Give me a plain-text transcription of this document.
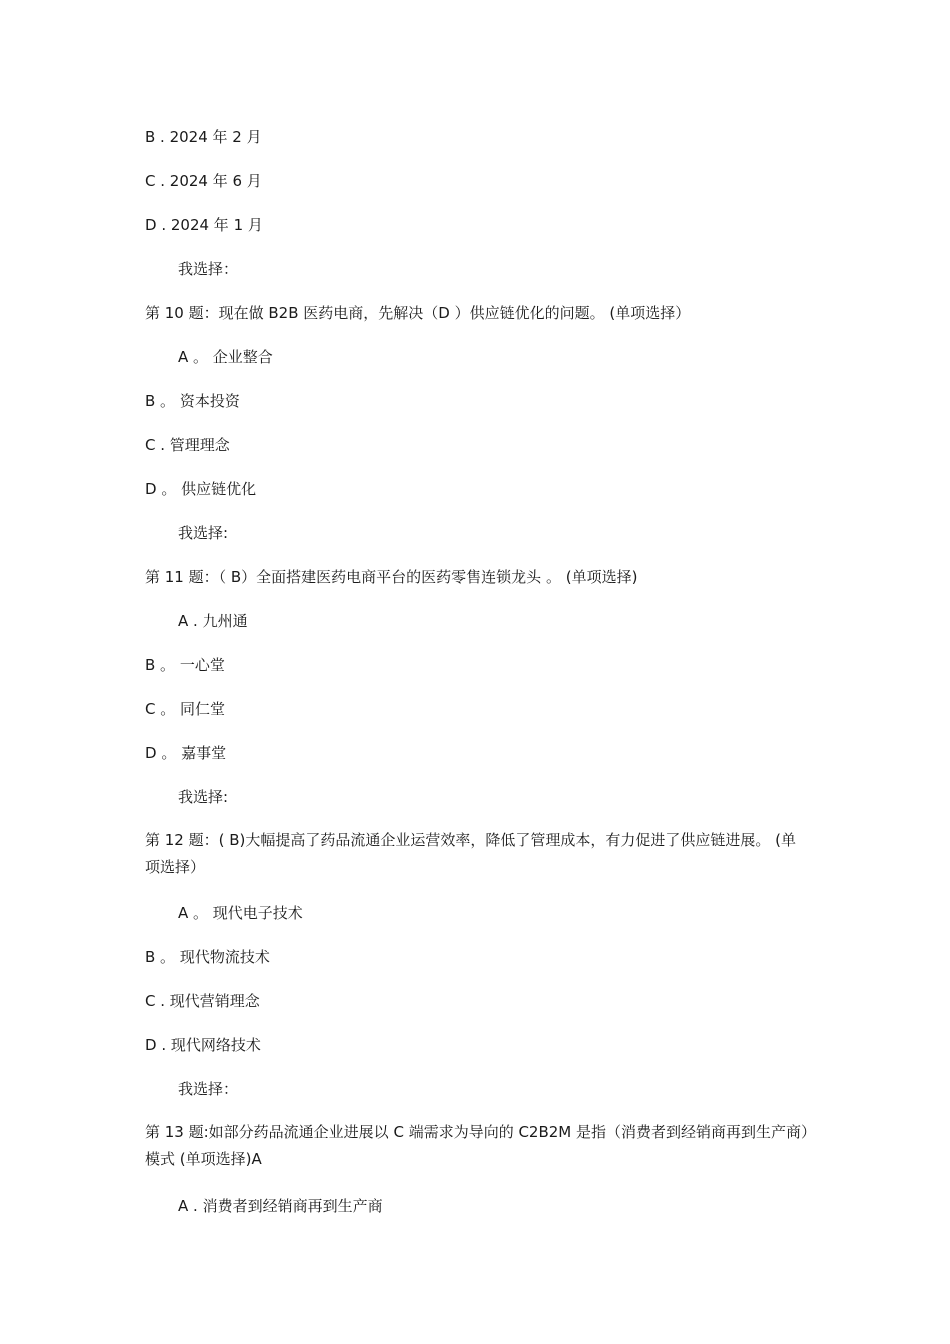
B . 2024 年 2 月
C . 2024 年 6 月
D . 2024 年 1 月
我选择：
第 10 题：现在做 B2B 医药电商，先解决（D ）供应链优化的问题。 (单项选择）
A 。 企业整合
B 。 资本投资
C . 管理理念
D 。 供应链优化
我选择:
第 11 题：（ B）全面搭建医药电商平台的医药零售连锁龙头 。 (单项选择)
A . 九州通
B 。 一心堂
C 。 同仁堂
D 。 嘉事堂
我选择:
第 12 题：( B)大幅提高了药品流通企业运营效率，降低了管理成本，有力促进了供应链进展。 (单项选择）
A 。 现代电子技术
B 。 现代物流技术
C . 现代营销理念
D . 现代网络技术
我选择：
第 13 题:如部分药品流通企业进展以 C 端需求为导向的 C2B2M 是指（消费者到经销商再到生产商）模式 (单项选择)A
A . 消费者到经销商再到生产商
